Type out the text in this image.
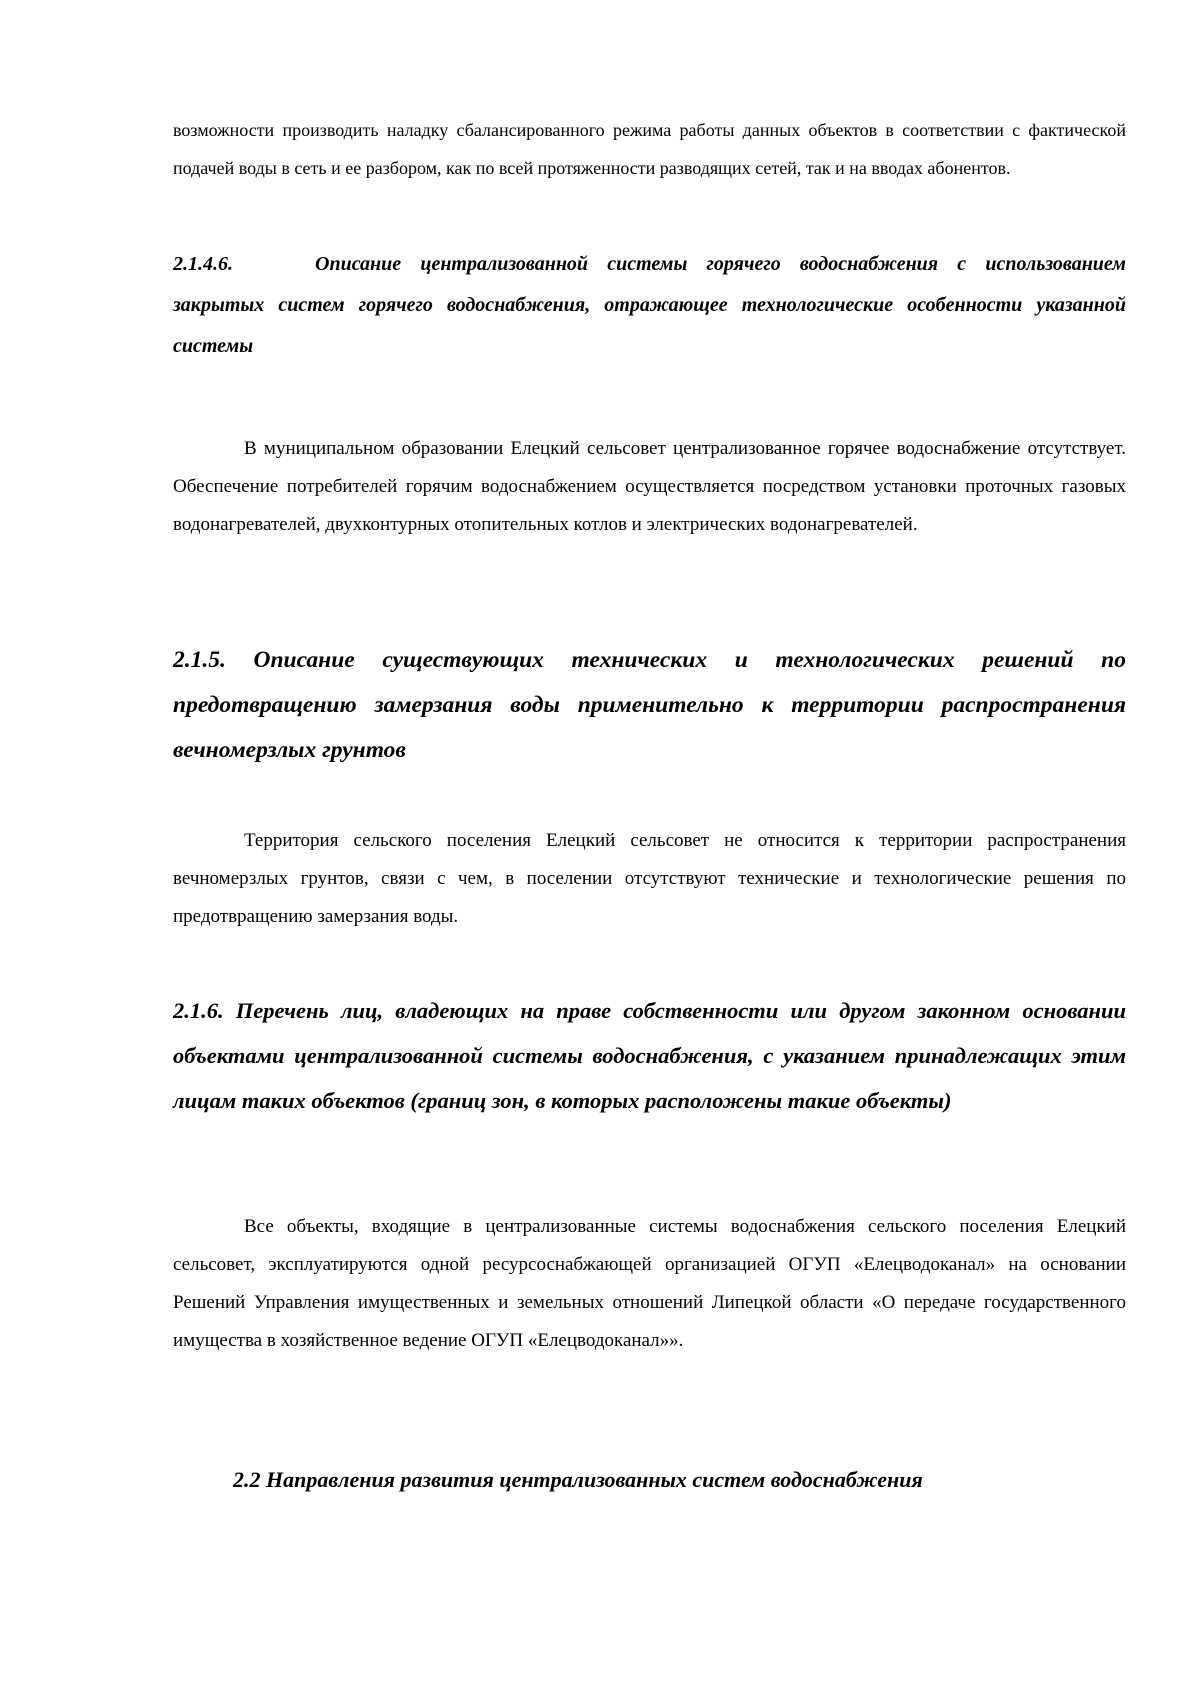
возможности производить наладку сбалансированного режима работы данных объектов в соответствии с фактической подачей воды в сеть и ее разбором, как по всей протяженности разводящих сетей, так и на вводах абонентов.

2.1.4.6.	Описание централизованной системы горячего водоснабжения с использованием закрытых систем горячего водоснабжения, отражающее технологические особенности указанной системы

В муниципальном образовании Елецкий сельсовет централизованное горячее водоснабжение отсутствует. Обеспечение потребителей горячим водоснабжением осуществляется посредством установки проточных газовых водонагревателей, двухконтурных отопительных котлов и электрических водонагревателей.

2.1.5. Описание существующих технических и технологических решений по предотвращению замерзания воды применительно к территории распространения вечномерзлых грунтов

Территория сельского поселения Елецкий сельсовет не относится к территории распространения вечномерзлых грунтов, связи с чем, в поселении отсутствуют технические и технологические решения по предотвращению замерзания воды.

2.1.6. Перечень лиц, владеющих на праве собственности или другом законном основании объектами централизованной системы водоснабжения, с указанием принадлежащих этим лицам таких объектов (границ зон, в которых расположены такие объекты)

Все объекты, входящие в централизованные системы водоснабжения сельского поселения Елецкий сельсовет, эксплуатируются одной ресурсоснабжающей организацией ОГУП «Елецводоканал» на основании Решений Управления имущественных и земельных отношений Липецкой области «О передаче государственного имущества в хозяйственное ведение ОГУП «Елецводоканал»».

2.2 Направления развития централизованных систем водоснабжения
